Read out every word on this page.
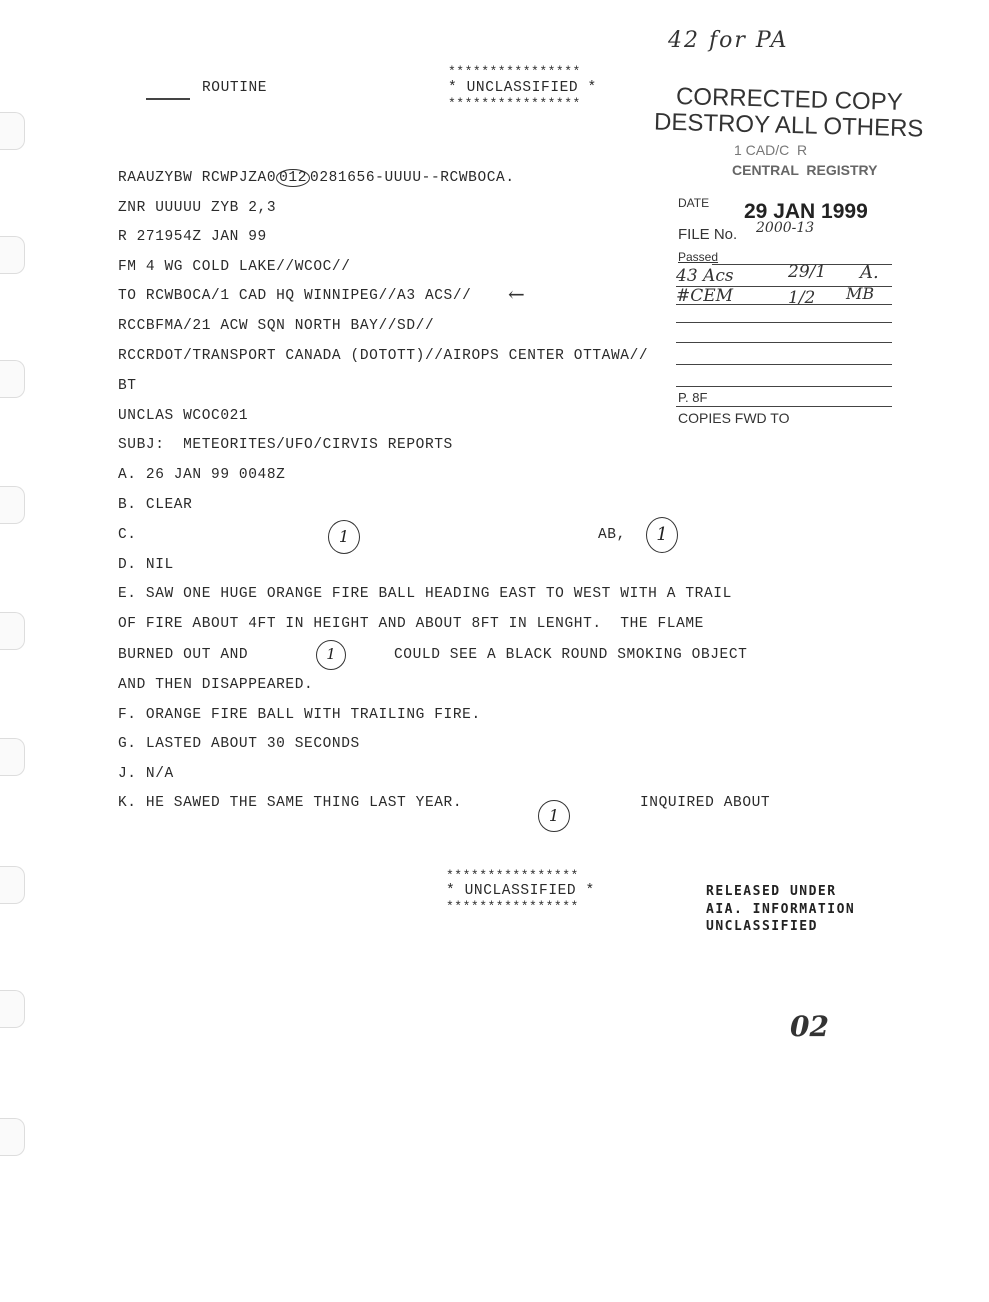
42 for PA
ROUTINE
****************
* UNCLASSIFIED *
****************	CORRECTED COPY
DESTROY ALL OTHERS
1 CAD/C  R
CENTRAL  REGISTRY
DATE 29 JAN 1999
FILE No. 2000-13
Passed
43 Acs	29/1 A.
#CEM	1/2 MB
P. 8F
COPIES FWD TO
RAAUZYBW RCWPJZA0 012 0281656-UUUU--RCWBOCA.
ZNR UUUUU ZYB 2,3
R 271954Z JAN 99
FM 4 WG COLD LAKE//WCOC//
TO RCWBOCA/1 CAD HQ WINNIPEG//A3 ACS// ←
RCCBFMA/21 ACW SQN NORTH BAY//SD//
RCCRDOT/TRANSPORT CANADA (DOTOTT)//AIROPS CENTER OTTAWA//
BT
UNCLAS WCOC021
SUBJ:  METEORITES/UFO/CIRVIS REPORTS
A. 26 JAN 99 0048Z
B. CLEAR
C.	1	AB,	1
D. NIL
E. SAW ONE HUGE ORANGE FIRE BALL HEADING EAST TO WEST WITH A TRAIL
OF FIRE ABOUT 4FT IN HEIGHT AND ABOUT 8FT IN LENGHT.  THE FLAME
BURNED OUT AND	1	COULD SEE A BLACK ROUND SMOKING OBJECT
AND THEN DISAPPEARED.
F. ORANGE FIRE BALL WITH TRAILING FIRE.
G. LASTED ABOUT 30 SECONDS
J. N/A
K. HE SAWED THE SAME THING LAST YEAR.
1
INQUIRED ABOUT
****************
* UNCLASSIFIED *
****************
RELEASED UNDER
AIA. INFORMATION
UNCLASSIFIED
02
